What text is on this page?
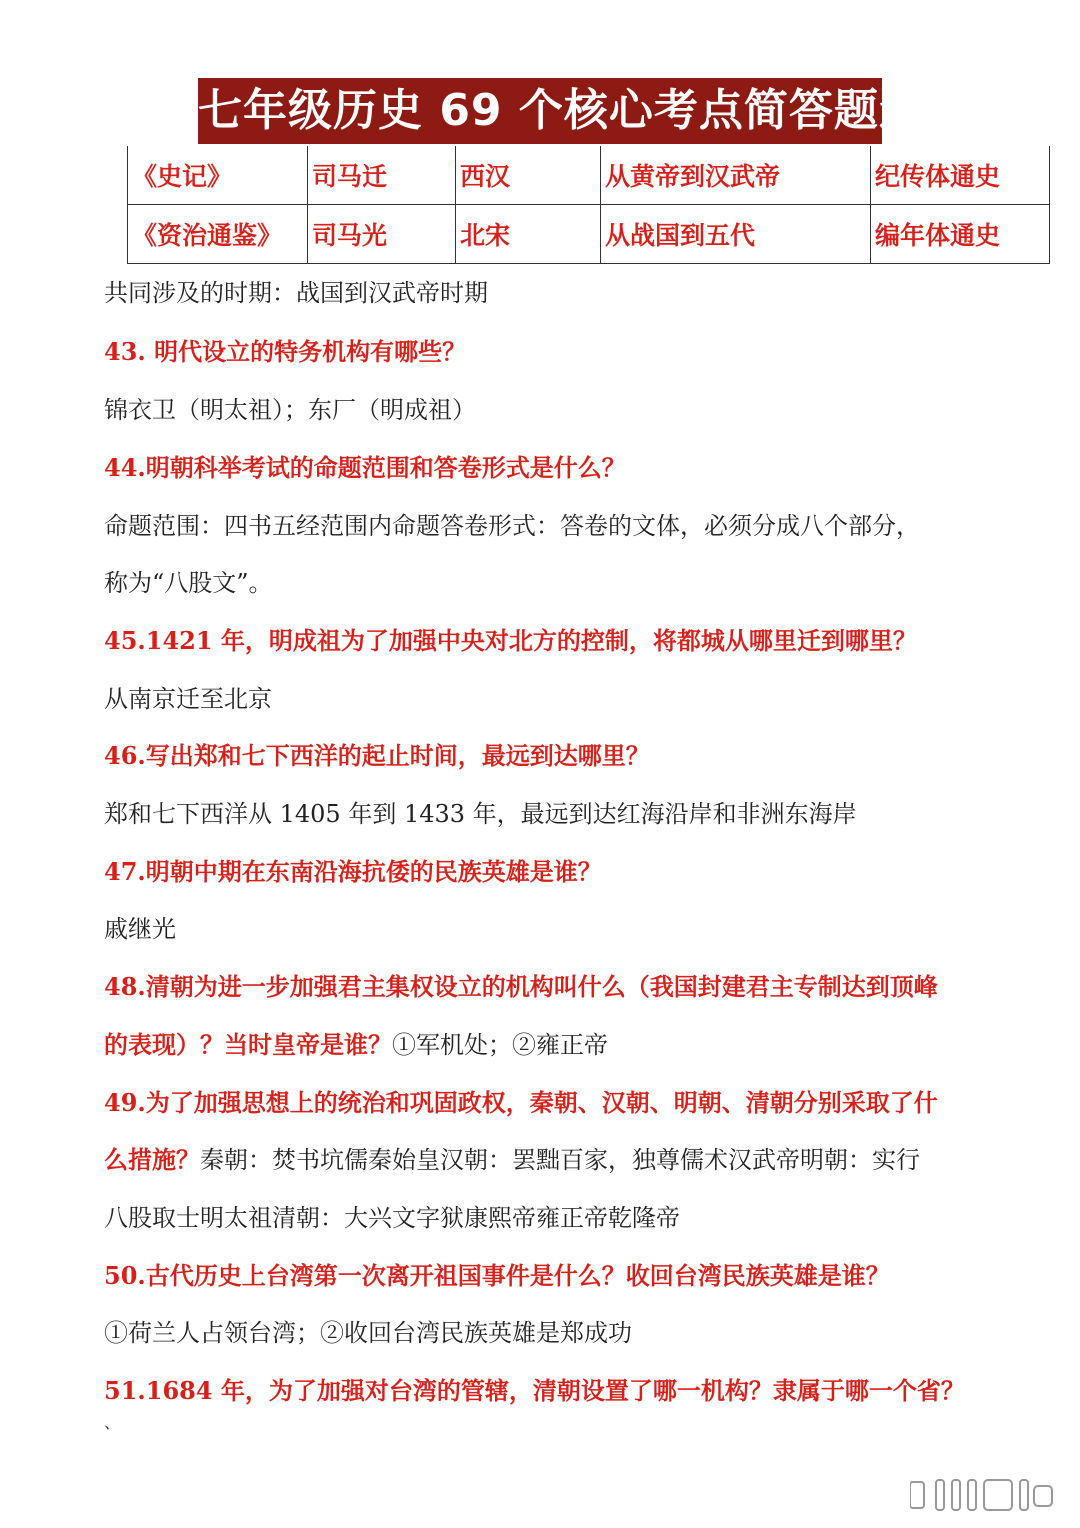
七年级历史 69 个核心考点简答题速记
《史记》	司马迁	西汉	从黄帝到汉武帝	纪传体通史
《资治通鉴》	司马光	北宋	从战国到五代	编年体通史
共同涉及的时期：战国到汉武帝时期
43. 明代设立的特务机构有哪些？
锦衣卫（明太祖）；东厂（明成祖）
44.明朝科举考试的命题范围和答卷形式是什么？
命题范围：四书五经范围内命题答卷形式：答卷的文体，必须分成八个部分，
称为“八股文”。
45.1421 年，明成祖为了加强中央对北方的控制，将都城从哪里迁到哪里？
从南京迁至北京
46.写出郑和七下西洋的起止时间，最远到达哪里？
郑和七下西洋从 1405 年到 1433 年，最远到达红海沿岸和非洲东海岸
47.明朝中期在东南沿海抗倭的民族英雄是谁？
戚继光
48.清朝为进一步加强君主集权设立的机构叫什么（我国封建君主专制达到顶峰
的表现）？当时皇帝是谁？①军机处；②雍正帝
49.为了加强思想上的统治和巩固政权，秦朝、汉朝、明朝、清朝分别采取了什
么措施？秦朝：焚书坑儒秦始皇汉朝：罢黜百家，独尊儒术汉武帝明朝：实行
八股取士明太祖清朝：大兴文字狱康熙帝雍正帝乾隆帝
50.古代历史上台湾第一次离开祖国事件是什么？收回台湾民族英雄是谁？
①荷兰人占领台湾；②收回台湾民族英雄是郑成功
51.1684 年，为了加强对台湾的管辖，清朝设置了哪一机构？隶属于哪一个省？
、
